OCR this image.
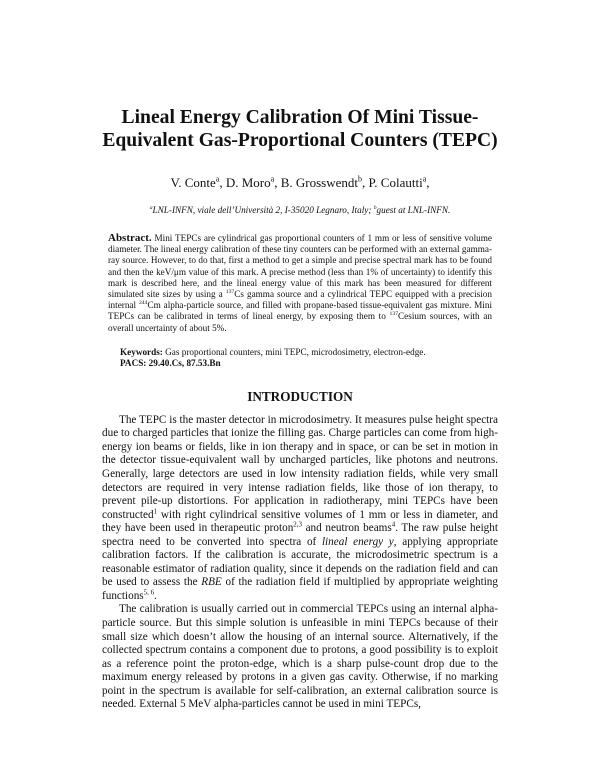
Lineal Energy Calibration Of Mini Tissue-
Equivalent Gas-Proportional Counters (TEPC)
V. Conte$^a$, D. Moro$^a$, B. Grosswendt$^b$, P. Colautti$^a$,
$^a$LNL-INFN, viale dell’Università 2, I-35020 Legnaro, Italy; $^b$guest at LNL-INFN.
Abstract. Mini TEPCs are cylindrical gas proportional counters of 1 mm or less of sensitive volume diameter. The lineal energy calibration of these tiny counters can be performed with an external gamma-ray source. However, to do that, first a method to get a simple and precise spectral mark has to be found and then the keV/μm value of this mark. A precise method (less than 1% of uncertainty) to identify this mark is described here, and the lineal energy value of this mark has been measured for different simulated site sizes by using a $^{137}$Cs gamma source and a cylindrical TEPC equipped with a precision internal $^{244}$Cm alpha-particle source, and filled with propane-based tissue-equivalent gas mixture. Mini TEPCs can be calibrated in terms of lineal energy, by exposing them to $^{137}$Cesium sources, with an overall uncertainty of about 5%.
Keywords: Gas proportional counters, mini TEPC, microdosimetry, electron-edge.
PACS: 29.40.Cs, 87.53.Bn
INTRODUCTION

The TEPC is the master detector in microdosimetry. It measures pulse height spectra due to charged particles that ionize the filling gas. Charge particles can come from high-energy ion beams or fields, like in ion therapy and in space, or can be set in motion in the detector tissue-equivalent wall by uncharged particles, like photons and neutrons. Generally, large detectors are used in low intensity radiation fields, while very small detectors are required in very intense radiation fields, like those of ion therapy, to prevent pile-up distortions. For application in radiotherapy, mini TEPCs have been constructed$^1$ with right cylindrical sensitive volumes of 1 mm or less in diameter, and they have been used in therapeutic proton$^{2,3}$ and neutron beams$^4$. The raw pulse height spectra need to be converted into spectra of lineal energy y, applying appropriate calibration factors. If the calibration is accurate, the microdosimetric spectrum is a reasonable estimator of radiation quality, since it depends on the radiation field and can be used to assess the RBE of the radiation field if multiplied by appropriate weighting functions$^{5, 6}$.

The calibration is usually carried out in commercial TEPCs using an internal alpha-particle source. But this simple solution is unfeasible in mini TEPCs because of their small size which doesn’t allow the housing of an internal source. Alternatively, if the collected spectrum contains a component due to protons, a good possibility is to exploit as a reference point the proton-edge, which is a sharp pulse-count drop due to the maximum energy released by protons in a given gas cavity. Otherwise, if no marking point in the spectrum is available for self-calibration, an external calibration source is needed. External 5 MeV alpha-particles cannot be used in mini TEPCs,
